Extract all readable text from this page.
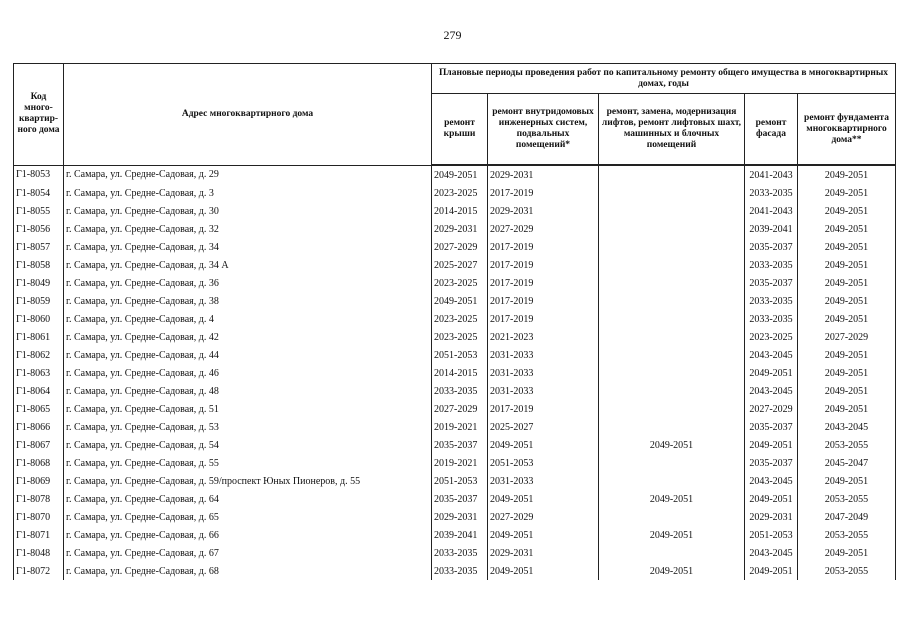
279
Код много-квартир-ного дома	Адрес многоквартирного дома	Плановые периоды проведения работ по капитальному ремонту общего имущества в многоквартирных домах, годы				
		ремонт крыши	ремонт внутридомовых инженерных систем, подвальных помещений*	ремонт, замена, модернизация лифтов, ремонт лифтовых шахт, машинных и блочных помещений	ремонт фасада	ремонт фундамента многоквартирного дома**
Г1-8053	г. Самара, ул. Средне-Садовая, д. 29	2049-2051	2029-2031		2041-2043	2049-2051
Г1-8054	г. Самара, ул. Средне-Садовая, д. 3	2023-2025	2017-2019		2033-2035	2049-2051
Г1-8055	г. Самара, ул. Средне-Садовая, д. 30	2014-2015	2029-2031		2041-2043	2049-2051
Г1-8056	г. Самара, ул. Средне-Садовая, д. 32	2029-2031	2027-2029		2039-2041	2049-2051
Г1-8057	г. Самара, ул. Средне-Садовая, д. 34	2027-2029	2017-2019		2035-2037	2049-2051
Г1-8058	г. Самара, ул. Средне-Садовая, д. 34 А	2025-2027	2017-2019		2033-2035	2049-2051
Г1-8049	г. Самара, ул. Средне-Садовая, д. 36	2023-2025	2017-2019		2035-2037	2049-2051
Г1-8059	г. Самара, ул. Средне-Садовая, д. 38	2049-2051	2017-2019		2033-2035	2049-2051
Г1-8060	г. Самара, ул. Средне-Садовая, д. 4	2023-2025	2017-2019		2033-2035	2049-2051
Г1-8061	г. Самара, ул. Средне-Садовая, д. 42	2023-2025	2021-2023		2023-2025	2027-2029
Г1-8062	г. Самара, ул. Средне-Садовая, д. 44	2051-2053	2031-2033		2043-2045	2049-2051
Г1-8063	г. Самара, ул. Средне-Садовая, д. 46	2014-2015	2031-2033		2049-2051	2049-2051
Г1-8064	г. Самара, ул. Средне-Садовая, д. 48	2033-2035	2031-2033		2043-2045	2049-2051
Г1-8065	г. Самара, ул. Средне-Садовая, д. 51	2027-2029	2017-2019		2027-2029	2049-2051
Г1-8066	г. Самара, ул. Средне-Садовая, д. 53	2019-2021	2025-2027		2035-2037	2043-2045
Г1-8067	г. Самара, ул. Средне-Садовая, д. 54	2035-2037	2049-2051	2049-2051	2049-2051	2053-2055
Г1-8068	г. Самара, ул. Средне-Садовая, д. 55	2019-2021	2051-2053		2035-2037	2045-2047
Г1-8069	г. Самара, ул. Средне-Садовая, д. 59/проспект Юных Пионеров, д. 55	2051-2053	2031-2033		2043-2045	2049-2051
Г1-8078	г. Самара, ул. Средне-Садовая, д. 64	2035-2037	2049-2051	2049-2051	2049-2051	2053-2055
Г1-8070	г. Самара, ул. Средне-Садовая, д. 65	2029-2031	2027-2029		2029-2031	2047-2049
Г1-8071	г. Самара, ул. Средне-Садовая, д. 66	2039-2041	2049-2051	2049-2051	2051-2053	2053-2055
Г1-8048	г. Самара, ул. Средне-Садовая, д. 67	2033-2035	2029-2031		2043-2045	2049-2051
Г1-8072	г. Самара, ул. Средне-Садовая, д. 68	2033-2035	2049-2051	2049-2051	2049-2051	2053-2055
